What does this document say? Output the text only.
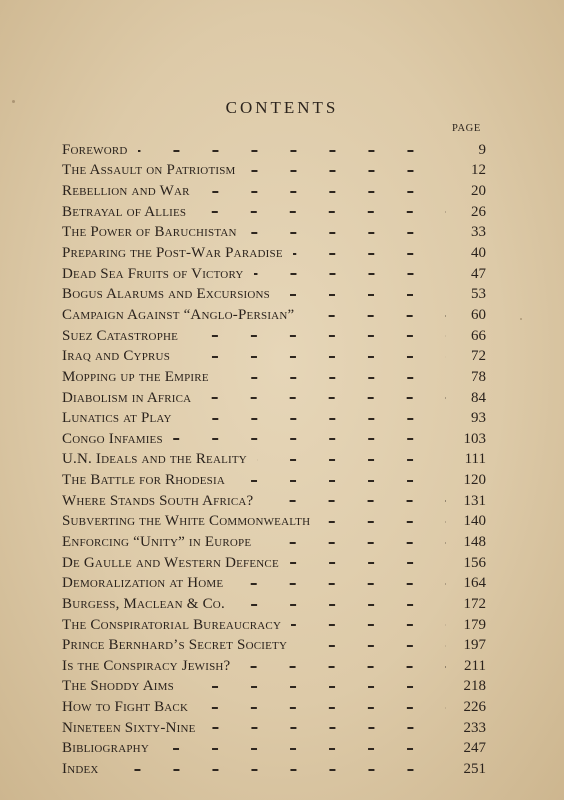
CONTENTS
PAGE
Foreword	9
The Assault on Patriotism	12
Rebellion and War	20
Betrayal of Allies	26
The Power of Baruchistan	33
Preparing the Post-War Paradise	40
Dead Sea Fruits of Victory	47
Bogus Alarums and Excursions	53
Campaign Against “Anglo-Persian”	60
Suez Catastrophe	66
Iraq and Cyprus	72
Mopping up the Empire	78
Diabolism in Africa	84
Lunatics at Play	93
Congo Infamies	103
U.N. Ideals and the Reality	111
The Battle for Rhodesia	120
Where Stands South Africa?	131
Subverting the White Commonwealth	140
Enforcing “Unity” in Europe	148
De Gaulle and Western Defence	156
Demoralization at Home	164
Burgess, Maclean & Co.	172
The Conspiratorial Bureaucracy	179
Prince Bernhard’s Secret Society	197
Is the Conspiracy Jewish?	211
The Shoddy Aims	218
How to Fight Back	226
Nineteen Sixty-Nine	233
Bibliography	247
Index	251
